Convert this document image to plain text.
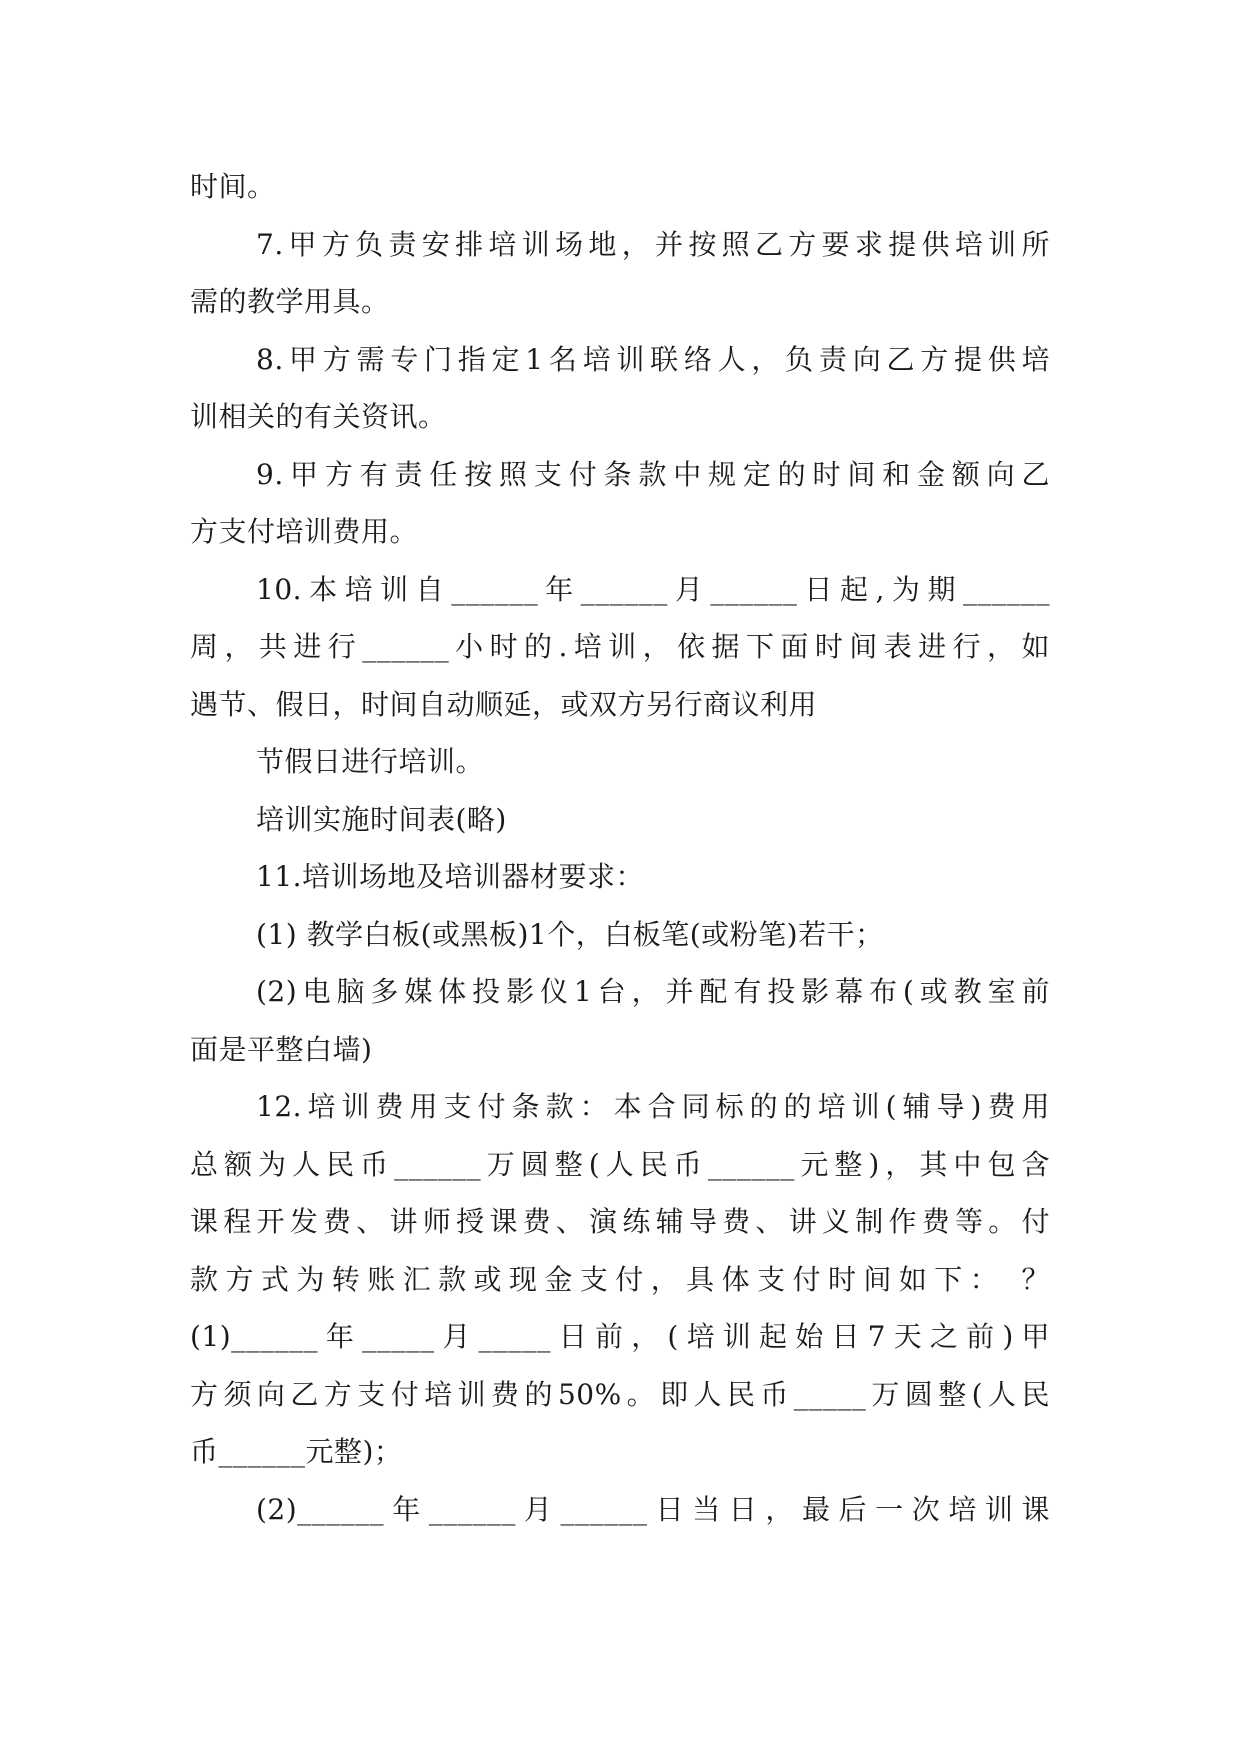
时间。
7.甲方负责安排培训场地，并按照乙方要求提供培训所
需的教学用具。
8.甲方需专门指定1名培训联络人，负责向乙方提供培
训相关的有关资讯。
9.甲方有责任按照支付条款中规定的时间和金额向乙
方支付培训费用。
10.本培训自______年______月______日起,为期______
周，共进行______小时的.培训，依据下面时间表进行，如
遇节、假日，时间自动顺延，或双方另行商议利用
节假日进行培训。
培训实施时间表(略)
11.培训场地及培训器材要求：
(1) 教学白板(或黑板)1个，白板笔(或粉笔)若干；
(2)电脑多媒体投影仪1台，并配有投影幕布(或教室前
面是平整白墙)
12.培训费用支付条款：本合同标的的培训(辅导)费用
总额为人民币______万圆整(人民币______元整)，其中包含
课程开发费、讲师授课费、演练辅导费、讲义制作费等。付
款方式为转账汇款或现金支付，具体支付时间如下： ？
(1)______年_____月_____日前，(培训起始日7天之前)甲
方须向乙方支付培训费的50%。即人民币_____万圆整(人民
币______元整)；
(2)______年______月______日当日，最后一次培训课
